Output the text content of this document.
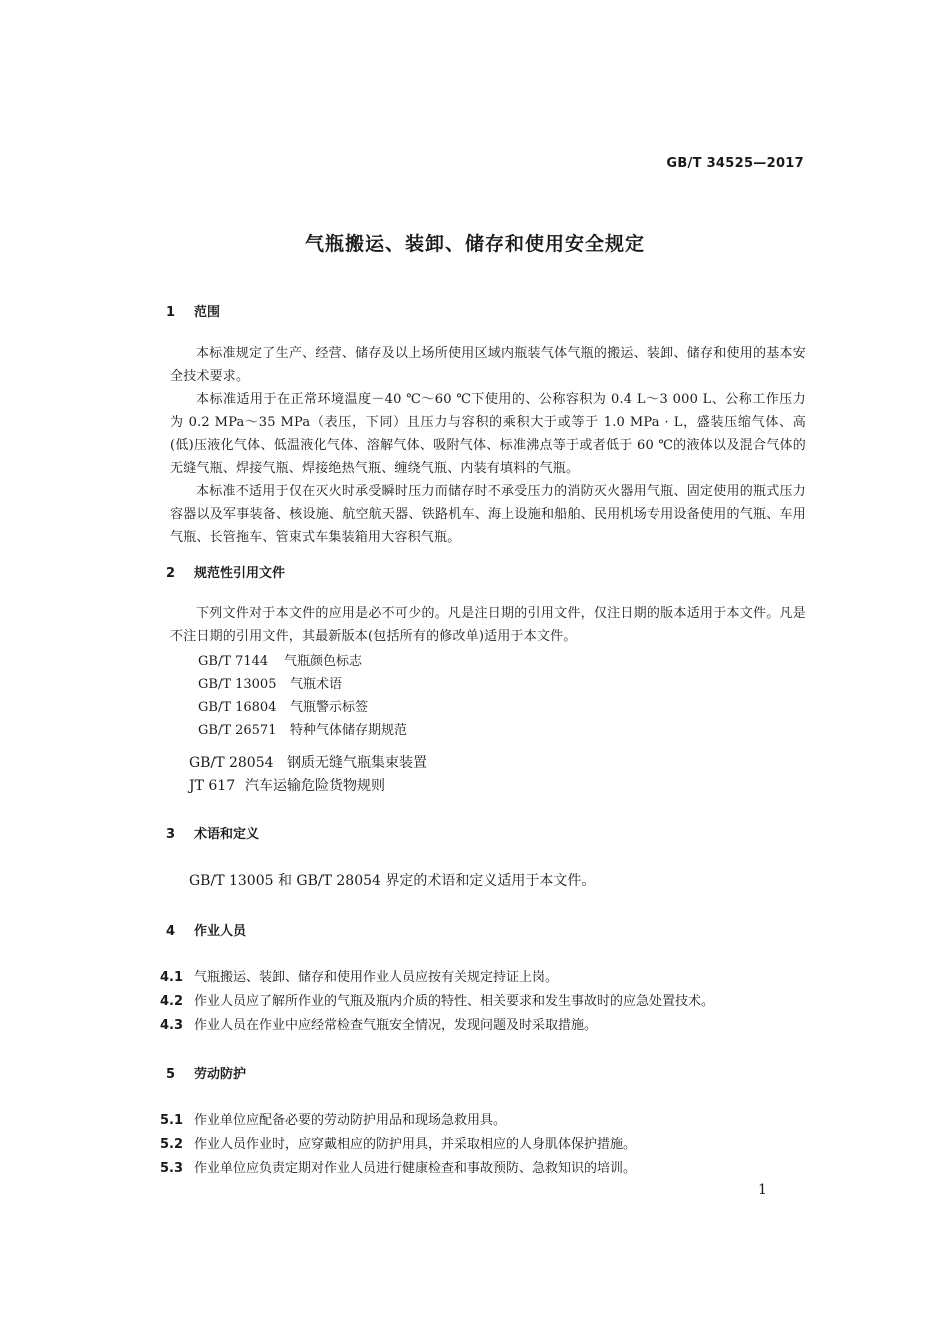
GB/T 34525—2017
气瓶搬运、装卸、储存和使用安全规定
1 范围
本标准规定了生产、经营、储存及以上场所使用区域内瓶装气体气瓶的搬运、装卸、储存和使用的基本安全技术要求。
本标准适用于在正常环境温度－40 ℃～60 ℃下使用的、公称容积为 0.4 L～3 000 L、公称工作压力为 0.2 MPa～35 MPa（表压，下同）且压力与容积的乘积大于或等于 1.0 MPa · L，盛装压缩气体、高(低)压液化气体、低温液化气体、溶解气体、吸附气体、标准沸点等于或者低于 60 ℃的液体以及混合气体的无缝气瓶、焊接气瓶、焊接绝热气瓶、缠绕气瓶、内装有填料的气瓶。
本标准不适用于仅在灭火时承受瞬时压力而储存时不承受压力的消防灭火器用气瓶、固定使用的瓶式压力容器以及军事装备、核设施、航空航天器、铁路机车、海上设施和船舶、民用机场专用设备使用的气瓶、车用气瓶、长管拖车、管束式车集装箱用大容积气瓶。
2 规范性引用文件
下列文件对于本文件的应用是必不可少的。凡是注日期的引用文件，仅注日期的版本适用于本文件。凡是不注日期的引用文件，其最新版本(包括所有的修改单)适用于本文件。
GB/T 7144 气瓶颜色标志
GB/T 13005 气瓶术语
GB/T 16804 气瓶警示标签
GB/T 26571 特种气体储存期规范
GB/T 28054 钢质无缝气瓶集束装置
JT 617 汽车运输危险货物规则
3 术语和定义
GB/T 13005 和 GB/T 28054 界定的术语和定义适用于本文件。
4 作业人员
4.1 气瓶搬运、装卸、储存和使用作业人员应按有关规定持证上岗。
4.2 作业人员应了解所作业的气瓶及瓶内介质的特性、相关要求和发生事故时的应急处置技术。
4.3 作业人员在作业中应经常检查气瓶安全情况，发现问题及时采取措施。
5 劳动防护
5.1 作业单位应配备必要的劳动防护用品和现场急救用具。
5.2 作业人员作业时，应穿戴相应的防护用具，并采取相应的人身肌体保护措施。
5.3 作业单位应负责定期对作业人员进行健康检查和事故预防、急救知识的培训。
1
